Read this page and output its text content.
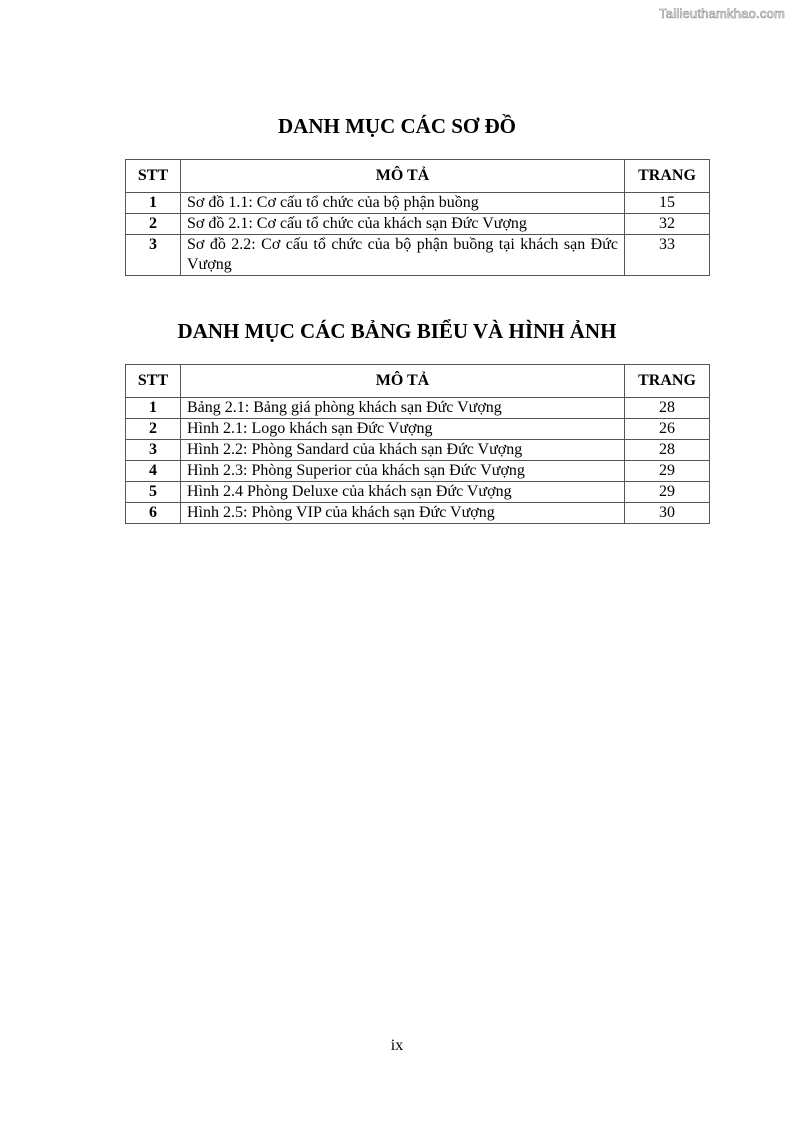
Tailieuthamkhao.com
DANH MỤC CÁC SƠ ĐỒ
STT	MÔ TẢ	TRANG
1	Sơ đồ 1.1: Cơ cấu tổ chức của bộ phận buồng	15
2	Sơ đồ 2.1: Cơ cấu tổ chức của khách sạn Đức Vượng	32
3	Sơ đồ 2.2: Cơ cấu tổ chức của bộ phận buồng tại khách sạn Đức Vượng	33
DANH MỤC CÁC BẢNG BIỂU VÀ HÌNH ẢNH
STT	MÔ TẢ	TRANG
1	Bảng 2.1: Bảng giá phòng khách sạn Đức Vượng	28
2	Hình 2.1: Logo khách sạn Đức Vượng	26
3	Hình 2.2: Phòng Sandard của khách sạn Đức Vượng	28
4	Hình 2.3: Phòng Superior của khách sạn Đức Vượng	29
5	Hình 2.4 Phòng Deluxe của khách sạn Đức Vượng	29
6	Hình 2.5: Phòng VIP của khách sạn Đức Vượng	30
ix
